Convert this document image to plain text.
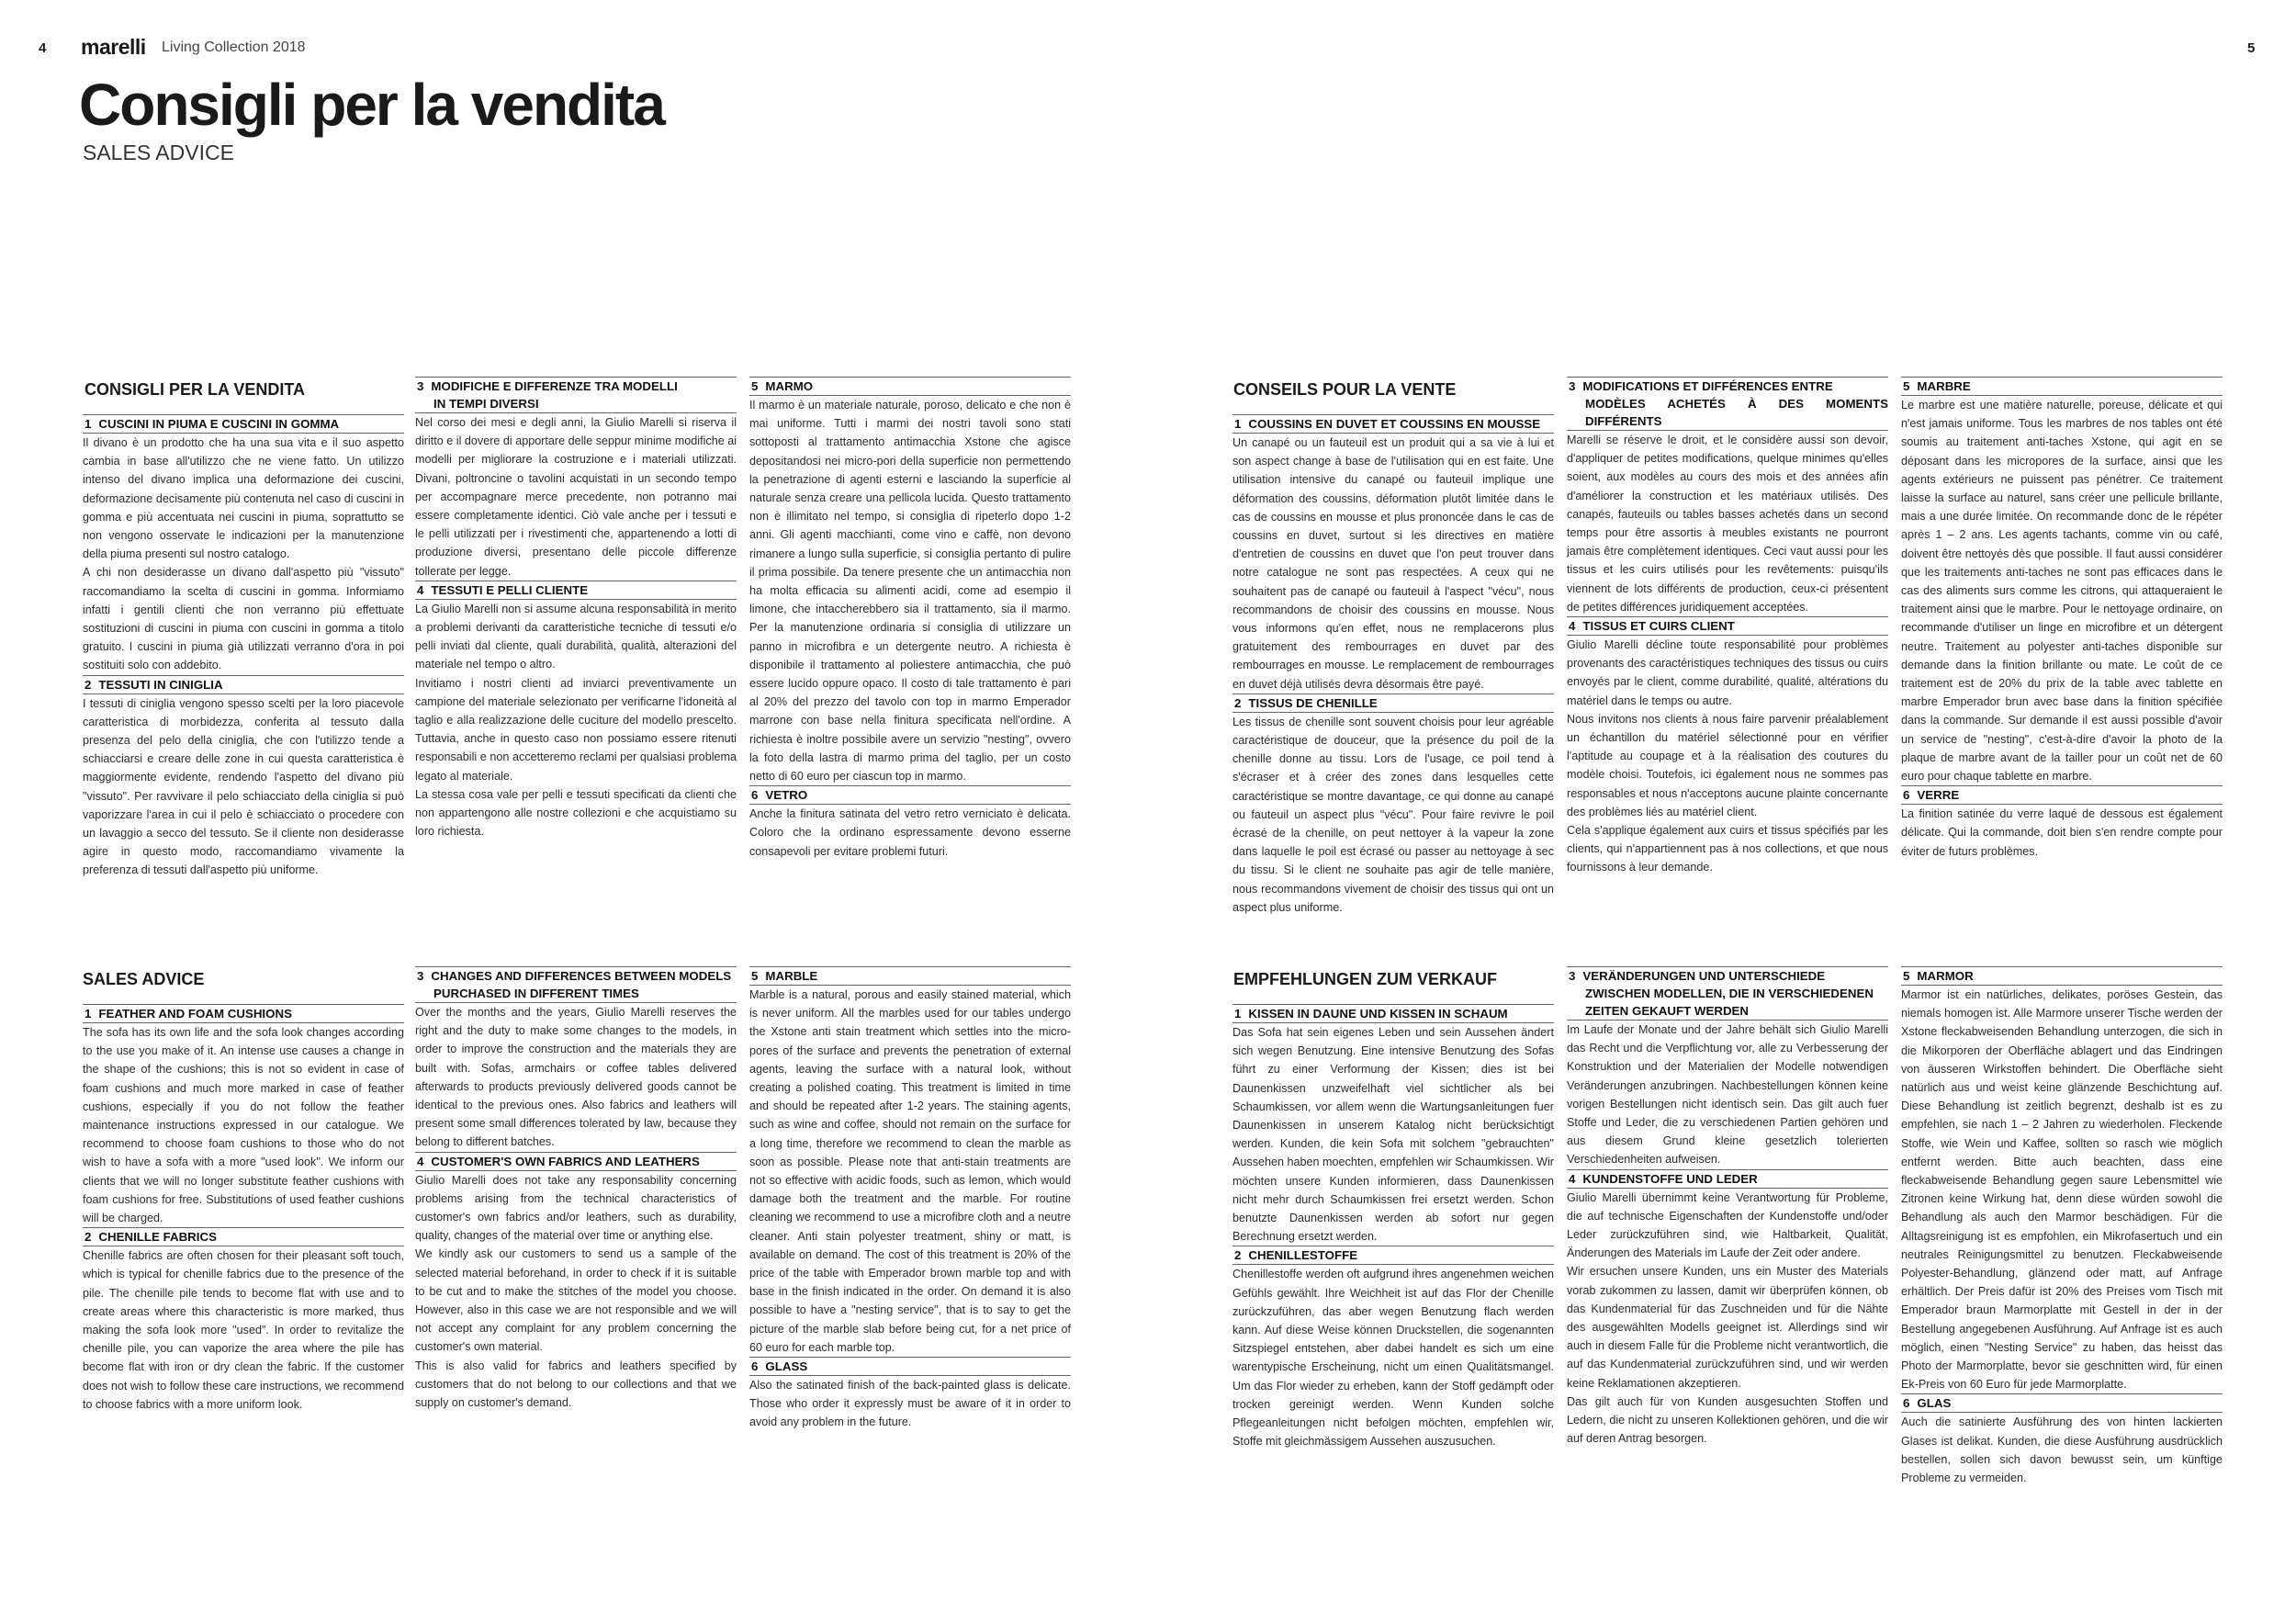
4	5
marelli Living Collection 2018
Consigli per la vendita
SALES ADVICE
CONSIGLI PER LA VENDITA
1 CUSCINI IN PIUMA E CUSCINI IN GOMMA

Il divano è un prodotto che ha una sua vita e il suo aspetto cambia in base all'utilizzo che ne viene fatto. Un utilizzo intenso del divano implica una deformazione dei cuscini, deformazione decisamente più contenuta nel caso di cuscini in gomma e più accentuata nei cuscini in piuma, soprattutto se non vengono osservate le indicazioni per la manutenzione della piuma presenti sul nostro catalogo.

A chi non desiderasse un divano dall'aspetto più "vissuto" raccomandiamo la scelta di cuscini in gomma. Informiamo infatti i gentili clienti che non verranno più effettuate sostituzioni di cuscini in piuma con cuscini in gomma a titolo gratuito. I cuscini in piuma già utilizzati verranno d'ora in poi sostituiti solo con addebito.

2 TESSUTI IN CINIGLIA

I tessuti di ciniglia vengono spesso scelti per la loro piacevole caratteristica di morbidezza, conferita al tessuto dalla presenza del pelo della ciniglia, che con l'utilizzo tende a schiacciarsi e creare delle zone in cui questa caratteristica è maggiormente evidente, rendendo l'aspetto del divano più "vissuto". Per ravvivare il pelo schiacciato della ciniglia si può vaporizzare l'area in cui il pelo è schiacciato o procedere con un lavaggio a secco del tessuto. Se il cliente non desiderasse agire in questo modo, raccomandiamo vivamente la preferenza di tessuti dall'aspetto più uniforme.

3 MODIFICHE E DIFFERENZE TRA MODELLI
IN TEMPI DIVERSI

Nel corso dei mesi e degli anni, la Giulio Marelli si riserva il diritto e il dovere di apportare delle seppur minime modifiche ai modelli per migliorare la costruzione e i materiali utilizzati. Divani, poltroncine o tavolini acquistati in un secondo tempo per accompagnare merce precedente, non potranno mai essere completamente identici. Ciò vale anche per i tessuti e le pelli utilizzati per i rivestimenti che, appartenendo a lotti di produzione diversi, presentano delle piccole differenze tollerate per legge.

4 TESSUTI E PELLI CLIENTE

La Giulio Marelli non si assume alcuna responsabilità in merito a problemi derivanti da caratteristiche tecniche di tessuti e/o pelli inviati dal cliente, quali durabilità, qualità, alterazioni del materiale nel tempo o altro.

Invitiamo i nostri clienti ad inviarci preventivamente un campione del materiale selezionato per verificarne l'idoneità al taglio e alla realizzazione delle cuciture del modello prescelto. Tuttavia, anche in questo caso non possiamo essere ritenuti responsabili e non accetteremo reclami per qualsiasi problema legato al materiale.

La stessa cosa vale per pelli e tessuti specificati da clienti che non appartengono alle nostre collezioni e che acquistiamo su loro richiesta.

5 MARMO

Il marmo è un materiale naturale, poroso, delicato e che non è mai uniforme. Tutti i marmi dei nostri tavoli sono stati sottoposti al trattamento antimacchia Xstone che agisce depositandosi nei micro-pori della superficie non permettendo la penetrazione di agenti esterni e lasciando la superficie al naturale senza creare una pellicola lucida. Questo trattamento non è illimitato nel tempo, si consiglia di ripeterlo dopo 1-2 anni. Gli agenti macchianti, come vino e caffè, non devono rimanere a lungo sulla superficie, si consiglia pertanto di pulire il prima possibile. Da tenere presente che un antimacchia non ha molta efficacia su alimenti acidi, come ad esempio il limone, che intaccherebbero sia il trattamento, sia il marmo. Per la manutenzione ordinaria si consiglia di utilizzare un panno in microfibra e un detergente neutro. A richiesta è disponibile il trattamento al poliestere antimacchia, che può essere lucido oppure opaco. Il costo di tale trattamento è pari al 20% del prezzo del tavolo con top in marmo Emperador marrone con base nella finitura specificata nell'ordine. A richiesta è inoltre possibile avere un servizio "nesting", ovvero la foto della lastra di marmo prima del taglio, per un costo netto di 60 euro per ciascun top in marmo.

6 VETRO

Anche la finitura satinata del vetro retro verniciato è delicata. Coloro che la ordinano espressamente devono esserne consapevoli per evitare problemi futuri.

SALES ADVICE
1 FEATHER AND FOAM CUSHIONS

The sofa has its own life and the sofa look changes according to the use you make of it. An intense use causes a change in the shape of the cushions; this is not so evident in case of foam cushions and much more marked in case of feather cushions, especially if you do not follow the feather maintenance instructions expressed in our catalogue. We recommend to choose foam cushions to those who do not wish to have a sofa with a more "used look". We inform our clients that we will no longer substitute feather cushions with foam cushions for free. Substitutions of used feather cushions will be charged.

2 CHENILLE FABRICS

Chenille fabrics are often chosen for their pleasant soft touch, which is typical for chenille fabrics due to the presence of the pile. The chenille pile tends to become flat with use and to create areas where this characteristic is more marked, thus making the sofa look more "used". In order to revitalize the chenille pile, you can vaporize the area where the pile has become flat with iron or dry clean the fabric. If the customer does not wish to follow these care instructions, we recommend to choose fabrics with a more uniform look.

3 CHANGES AND DIFFERENCES BETWEEN MODELS
PURCHASED IN DIFFERENT TIMES

Over the months and the years, Giulio Marelli reserves the right and the duty to make some changes to the models, in order to improve the construction and the materials they are built with. Sofas, armchairs or coffee tables delivered afterwards to products previously delivered goods cannot be identical to the previous ones. Also fabrics and leathers will present some small differences tolerated by law, because they belong to different batches.

4 CUSTOMER'S OWN FABRICS AND LEATHERS

Giulio Marelli does not take any responsability concerning problems arising from the technical characteristics of customer's own fabrics and/or leathers, such as durability, quality, changes of the material over time or anything else.

We kindly ask our customers to send us a sample of the selected material beforehand, in order to check if it is suitable to be cut and to make the stitches of the model you choose. However, also in this case we are not responsible and we will not accept any complaint for any problem concerning the customer's own material.

This is also valid for fabrics and leathers specified by customers that do not belong to our collections and that we supply on customer's demand.

5 MARBLE

Marble is a natural, porous and easily stained material, which is never uniform. All the marbles used for our tables undergo the Xstone anti stain treatment which settles into the micro-pores of the surface and prevents the penetration of external agents, leaving the surface with a natural look, without creating a polished coating. This treatment is limited in time and should be repeated after 1-2 years. The staining agents, such as wine and coffee, should not remain on the surface for a long time, therefore we recommend to clean the marble as soon as possible. Please note that anti-stain treatments are not so effective with acidic foods, such as lemon, which would damage both the treatment and the marble. For routine cleaning we recommend to use a microfibre cloth and a neutre cleaner. Anti stain polyester treatment, shiny or matt, is available on demand. The cost of this treatment is 20% of the price of the table with Emperador brown marble top and with base in the finish indicated in the order. On demand it is also possible to have a "nesting service", that is to say to get the picture of the marble slab before being cut, for a net price of 60 euro for each marble top.

6 GLASS

Also the satinated finish of the back-painted glass is delicate. Those who order it expressly must be aware of it in order to avoid any problem in the future.

CONSEILS POUR LA VENTE
1 COUSSINS EN DUVET ET COUSSINS EN MOUSSE

Un canapé ou un fauteuil est un produit qui a sa vie à lui et son aspect change à base de l'utilisation qui en est faite. Une utilisation intensive du canapé ou fauteuil implique une déformation des coussins, déformation plutôt limitée dans le cas de coussins en mousse et plus prononcée dans le cas de coussins en duvet, surtout si les directives en matière d'entretien de coussins en duvet que l'on peut trouver dans notre catalogue ne sont pas respectées. A ceux qui ne souhaitent pas de canapé ou fauteuil à l'aspect "vécu", nous recommandons de choisir des coussins en mousse. Nous vous informons qu'en effet, nous ne remplacerons plus gratuitement des rembourrages en duvet par des rembourrages en mousse. Le remplacement de rembourrages en duvet déjà utilisés devra désormais être payé.

2 TISSUS DE CHENILLE

Les tissus de chenille sont souvent choisis pour leur agréable caractéristique de douceur, que la présence du poil de la chenille donne au tissu. Lors de l'usage, ce poil tend à s'écraser et à créer des zones dans lesquelles cette caractéristique se montre davantage, ce qui donne au canapé ou fauteuil un aspect plus "vécu". Pour faire revivre le poil écrasé de la chenille, on peut nettoyer à la vapeur la zone dans laquelle le poil est écrasé ou passer au nettoyage à sec du tissu. Si le client ne souhaite pas agir de telle manière, nous recommandons vivement de choisir des tissus qui ont un aspect plus uniforme.

3 MODIFICATIONS ET DIFFÉRENCES ENTRE
MODÈLES ACHETÉS À DES MOMENTS DIFFÉRENTS

Marelli se réserve le droit, et le considère aussi son devoir, d'appliquer de petites modifications, quelque minimes qu'elles soient, aux modèles au cours des mois et des années afin d'améliorer la construction et les matériaux utilisés. Des canapés, fauteuils ou tables basses achetés dans un second temps pour être assortis à meubles existants ne pourront jamais être complètement identiques. Ceci vaut aussi pour les tissus et les cuirs utilisés pour les revêtements: puisqu'ils viennent de lots différents de production, ceux-ci présentent de petites différences juridiquement acceptées.

4 TISSUS ET CUIRS CLIENT

Giulio Marelli décline toute responsabilité pour problèmes provenants des caractéristiques techniques des tissus ou cuirs envoyés par le client, comme durabilité, qualité, altérations du matériel dans le temps ou autre.

Nous invitons nos clients à nous faire parvenir préalablement un échantillon du matériel sélectionné pour en vérifier l'aptitude au coupage et à la réalisation des coutures du modèle choisi. Toutefois, ici également nous ne sommes pas responsables et nous n'acceptons aucune plainte concernante des problèmes liés au matériel client.

Cela s'applique également aux cuirs et tissus spécifiés par les clients, qui n'appartiennent pas à nos collections, et que nous fournissons à leur demande.

5 MARBRE

Le marbre est une matière naturelle, poreuse, délicate et qui n'est jamais uniforme. Tous les marbres de nos tables ont été soumis au traitement anti-taches Xstone, qui agit en se déposant dans les micropores de la surface, ainsi que les agents extérieurs ne puissent pas pénétrer. Ce traitement laisse la surface au naturel, sans créer une pellicule brillante, mais a une durée limitée. On recommande donc de le répéter après 1 – 2 ans. Les agents tachants, comme vin ou café, doivent être nettoyés dès que possible. Il faut aussi considérer que les traitements anti-taches ne sont pas efficaces dans le cas des aliments surs comme les citrons, qui attaqueraient le traitement ainsi que le marbre. Pour le nettoyage ordinaire, on recommande d'utiliser un linge en microfibre et un détergent neutre. Traitement au polyester anti-taches disponible sur demande dans la finition brillante ou mate. Le coût de ce traitement est de 20% du prix de la table avec tablette en marbre Emperador brun avec base dans la finition spécifiée dans la commande. Sur demande il est aussi possible d'avoir un service de "nesting", c'est-à-dire d'avoir la photo de la plaque de marbre avant de la tailler pour un coût net de 60 euro pour chaque tablette en marbre.

6 VERRE

La finition satinée du verre laqué de dessous est également délicate. Qui la commande, doit bien s'en rendre compte pour éviter de futurs problèmes.

EMPFEHLUNGEN ZUM VERKAUF
1 KISSEN IN DAUNE UND KISSEN IN SCHAUM

Das Sofa hat sein eigenes Leben und sein Aussehen ändert sich wegen Benutzung. Eine intensive Benutzung des Sofas führt zu einer Verformung der Kissen; dies ist bei Daunenkissen unzweifelhaft viel sichtlicher als bei Schaumkissen, vor allem wenn die Wartungsanleitungen fuer Daunenkissen in unserem Katalog nicht berücksichtigt werden. Kunden, die kein Sofa mit solchem "gebrauchten" Aussehen haben moechten, empfehlen wir Schaumkissen. Wir möchten unsere Kunden informieren, dass Daunenkissen nicht mehr durch Schaumkissen frei ersetzt werden. Schon benutzte Daunenkissen werden ab sofort nur gegen Berechnung ersetzt werden.

2 CHENILLESTOFFE

Chenillestoffe werden oft aufgrund ihres angenehmen weichen Gefühls gewählt. Ihre Weichheit ist auf das Flor der Chenille zurückzuführen, das aber wegen Benutzung flach werden kann. Auf diese Weise können Druckstellen, die sogenannten Sitzspiegel entstehen, aber dabei handelt es sich um eine warentypische Erscheinung, nicht um einen Qualitätsmangel. Um das Flor wieder zu erheben, kann der Stoff gedämpft oder trocken gereinigt werden. Wenn Kunden solche Pflegeanleitungen nicht befolgen möchten, empfehlen wir, Stoffe mit gleichmässigem Aussehen auszusuchen.

3 VERÄNDERUNGEN UND UNTERSCHIEDE
ZWISCHEN MODELLEN, DIE IN VERSCHIEDENEN
ZEITEN GEKAUFT WERDEN

Im Laufe der Monate und der Jahre behält sich Giulio Marelli das Recht und die Verpflichtung vor, alle zu Verbesserung der Konstruktion und der Materialien der Modelle notwendigen Veränderungen anzubringen. Nachbestellungen können keine vorigen Bestellungen nicht identisch sein. Das gilt auch fuer Stoffe und Leder, die zu verschiedenen Partien gehören und aus diesem Grund kleine gesetzlich tolerierten Verschiedenheiten aufweisen.

4 KUNDENSTOFFE UND LEDER

Giulio Marelli übernimmt keine Verantwortung für Probleme, die auf technische Eigenschaften der Kundenstoffe und/oder Leder zurückzuführen sind, wie Haltbarkeit, Qualität, Änderungen des Materials im Laufe der Zeit oder andere.

Wir ersuchen unsere Kunden, uns ein Muster des Materials vorab zukommen zu lassen, damit wir überprüfen können, ob das Kundenmaterial für das Zuschneiden und für die Nähte des ausgewählten Modells geeignet ist. Allerdings sind wir auch in diesem Falle für die Probleme nicht verantwortlich, die auf das Kundenmaterial zurückzuführen sind, und wir werden keine Reklamationen akzeptieren.

Das gilt auch für von Kunden ausgesuchten Stoffen und Ledern, die nicht zu unseren Kollektionen gehören, und die wir auf deren Antrag besorgen.

5 MARMOR

Marmor ist ein natürliches, delikates, poröses Gestein, das niemals homogen ist. Alle Marmore unserer Tische werden der Xstone fleckabweisenden Behandlung unterzogen, die sich in die Mikorporen der Oberfläche ablagert und das Eindringen von äusseren Wirkstoffen behindert. Die Oberfläche sieht natürlich aus und weist keine glänzende Beschichtung auf. Diese Behandlung ist zeitlich begrenzt, deshalb ist es zu empfehlen, sie nach 1 – 2 Jahren zu wiederholen. Fleckende Stoffe, wie Wein und Kaffee, sollten so rasch wie möglich entfernt werden. Bitte auch beachten, dass eine fleckabweisende Behandlung gegen saure Lebensmittel wie Zitronen keine Wirkung hat, denn diese würden sowohl die Behandlung als auch den Marmor beschädigen. Für die Alltagsreinigung ist es empfohlen, ein Mikrofasertuch und ein neutrales Reinigungsmittel zu benutzen. Fleckabweisende Polyester-Behandlung, glänzend oder matt, auf Anfrage erhältlich. Der Preis dafür ist 20% des Preises vom Tisch mit Emperador braun Marmorplatte mit Gestell in der in der Bestellung angegebenen Ausführung. Auf Anfrage ist es auch möglich, einen "Nesting Service" zu haben, das heisst das Photo der Marmorplatte, bevor sie geschnitten wird, für einen Ek-Preis von 60 Euro für jede Marmorplatte.

6 GLAS

Auch die satinierte Ausführung des von hinten lackierten Glases ist delikat. Kunden, die diese Ausführung ausdrücklich bestellen, sollen sich davon bewusst sein, um künftige Probleme zu vermeiden.
